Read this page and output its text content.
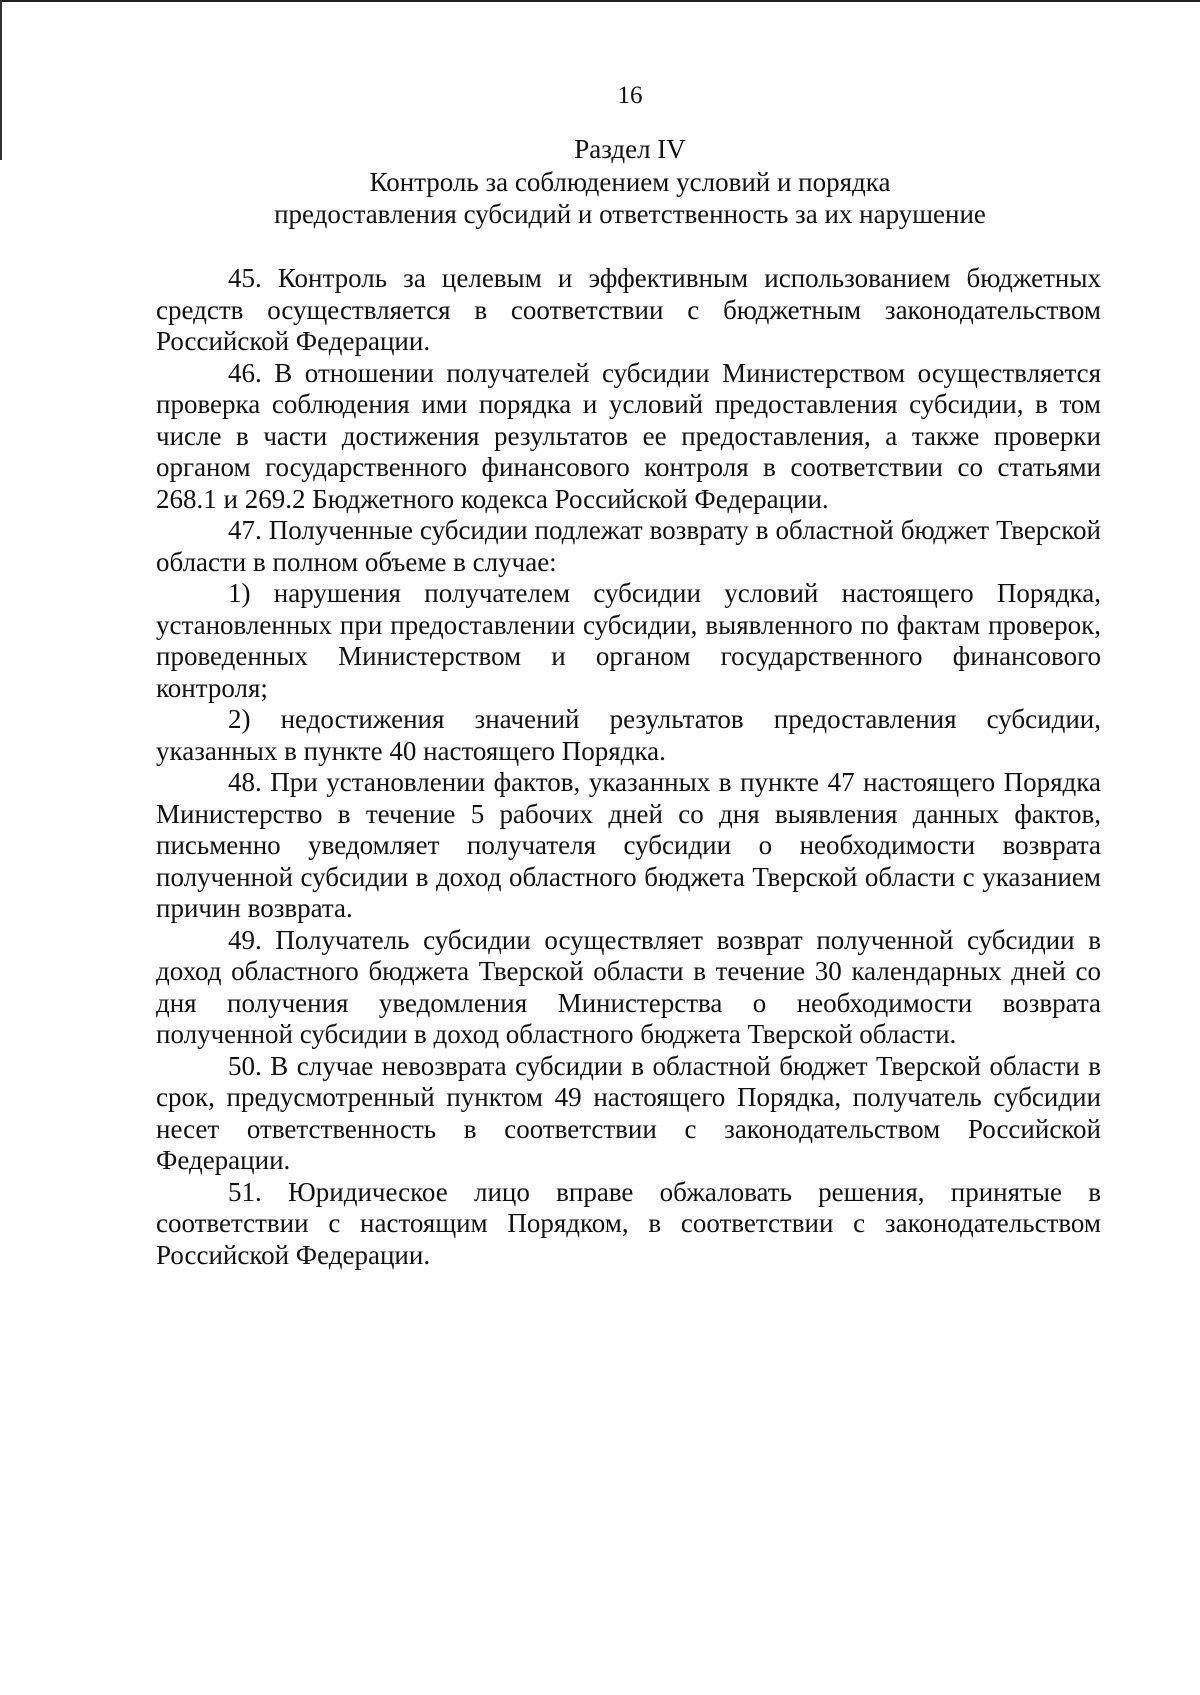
16
Раздел IV
Контроль за соблюдением условий и порядка
предоставления субсидий и ответственность за их нарушение

45. Контроль за целевым и эффективным использованием бюджетных средств осуществляется в соответствии с бюджетным законодательством Российской Федерации.

46. В отношении получателей субсидии Министерством осуществляется проверка соблюдения ими порядка и условий предоставления субсидии, в том числе в части достижения результатов ее предоставления, а также проверки органом государственного финансового контроля в соответствии со статьями 268.1 и 269.2 Бюджетного кодекса Российской Федерации.

47. Полученные субсидии подлежат возврату в областной бюджет Тверской области в полном объеме в случае:

1) нарушения получателем субсидии условий настоящего Порядка, установленных при предоставлении субсидии, выявленного по фактам проверок, проведенных Министерством и органом государственного финансового контроля;

2) недостижения значений результатов предоставления субсидии, указанных в пункте 40 настоящего Порядка.

48. При установлении фактов, указанных в пункте 47 настоящего Порядка Министерство в течение 5 рабочих дней со дня выявления данных фактов, письменно уведомляет получателя субсидии о необходимости возврата полученной субсидии в доход областного бюджета Тверской области с указанием причин возврата.

49. Получатель субсидии осуществляет возврат полученной субсидии в доход областного бюджета Тверской области в течение 30 календарных дней со дня получения уведомления Министерства о необходимости возврата полученной субсидии в доход областного бюджета Тверской области.

50. В случае невозврата субсидии в областной бюджет Тверской области в срок, предусмотренный пунктом 49 настоящего Порядка, получатель субсидии несет ответственность в соответствии с законодательством Российской Федерации.

51. Юридическое лицо вправе обжаловать решения, принятые в соответствии с настоящим Порядком, в соответствии с законодательством Российской Федерации.
